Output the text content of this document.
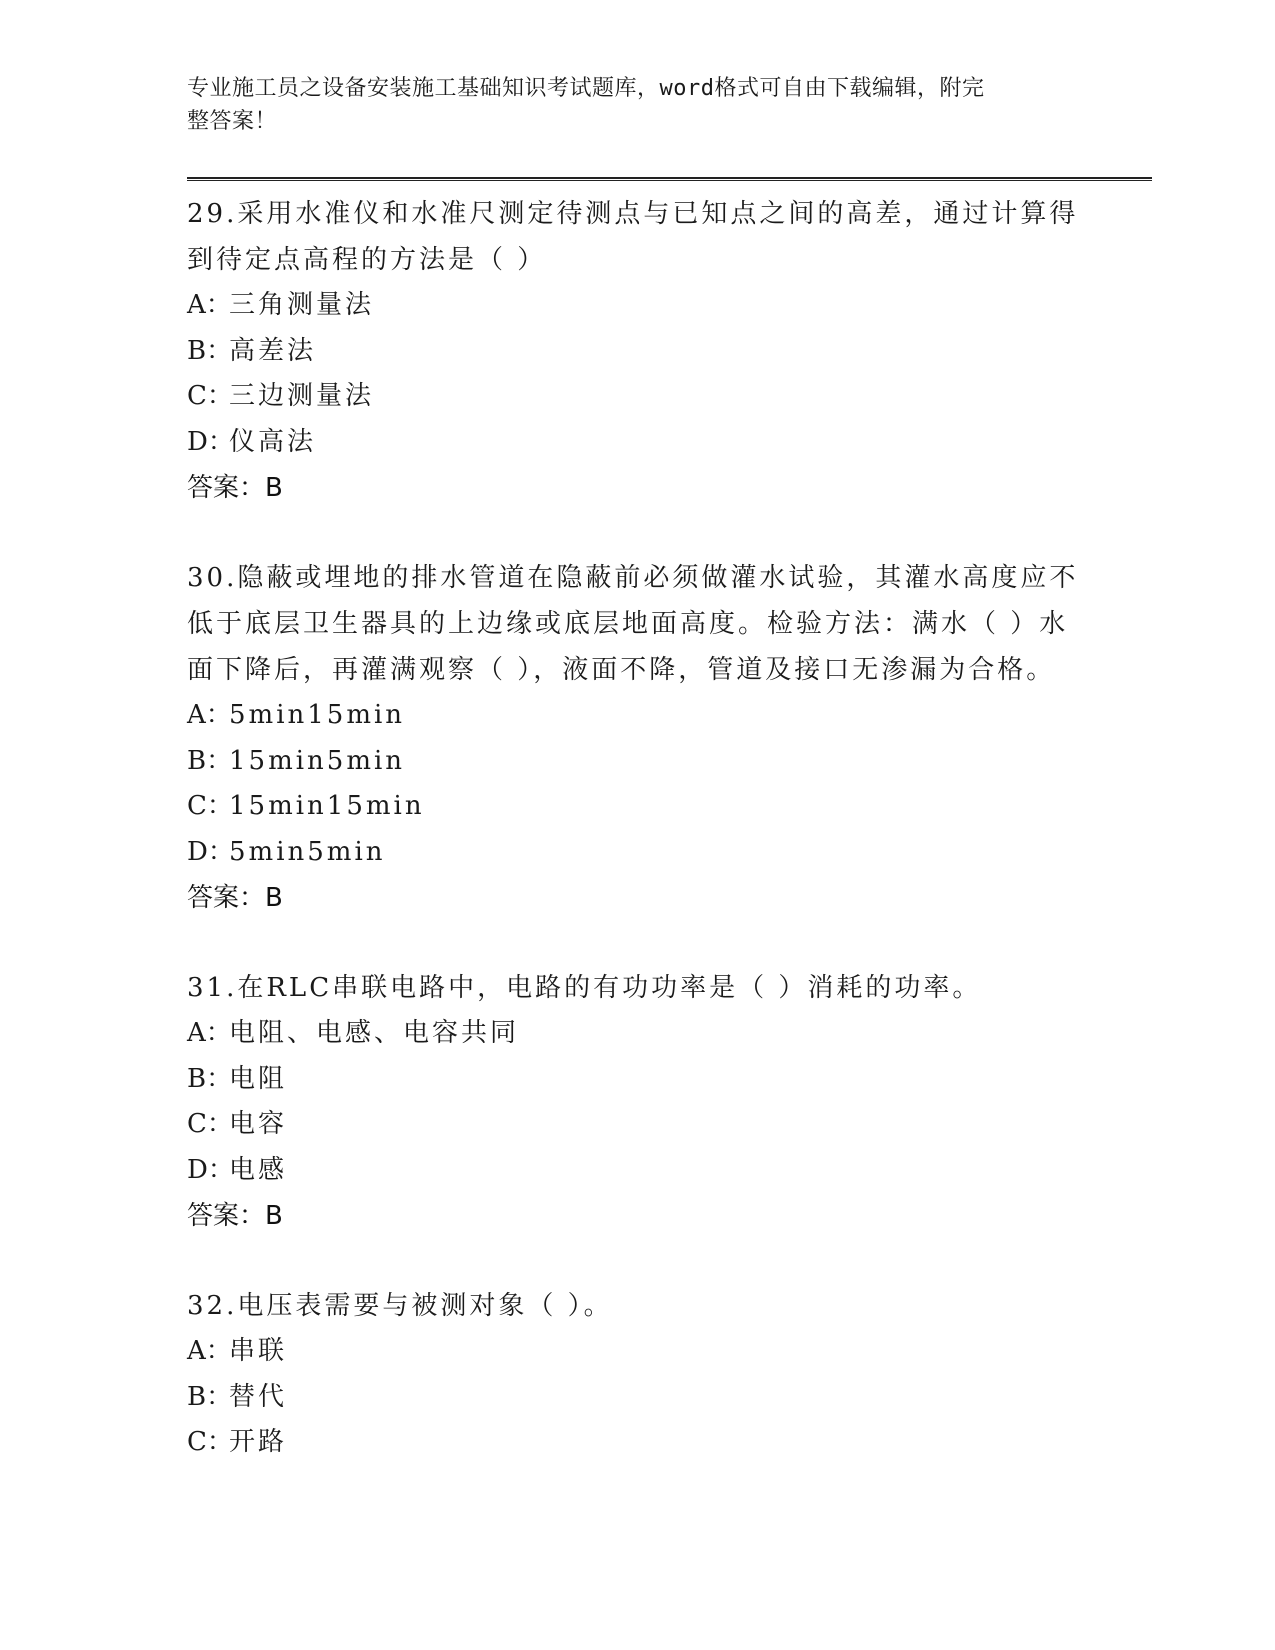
专业施工员之设备安装施工基础知识考试题库，word格式可自由下载编辑，附完
整答案！
29.采用水准仪和水准尺测定待测点与已知点之间的高差，通过计算得到待定点高程的方法是（ ）
A：
三角测量法
B：
高差法
C：
三边测量法
D：
仪高法
答案：B
30.隐蔽或埋地的排水管道在隐蔽前必须做灌水试验，其灌水高度应不低于底层卫生器具的上边缘或底层地面高度。检验方法：满水（ ）水面下降后，再灌满观察（ ），液面不降，管道及接口无渗漏为合格。
A：
5min15min
B：
15min5min
C：
15min15min
D：
5min5min
答案：B
31.在RLC串联电路中，电路的有功功率是（ ）消耗的功率。
A：
电阻、电感、电容共同
B：
电阻
C：
电容
D：
电感
答案：B
32.电压表需要与被测对象（ ）。
A：
串联
B：
替代
C：
开路
